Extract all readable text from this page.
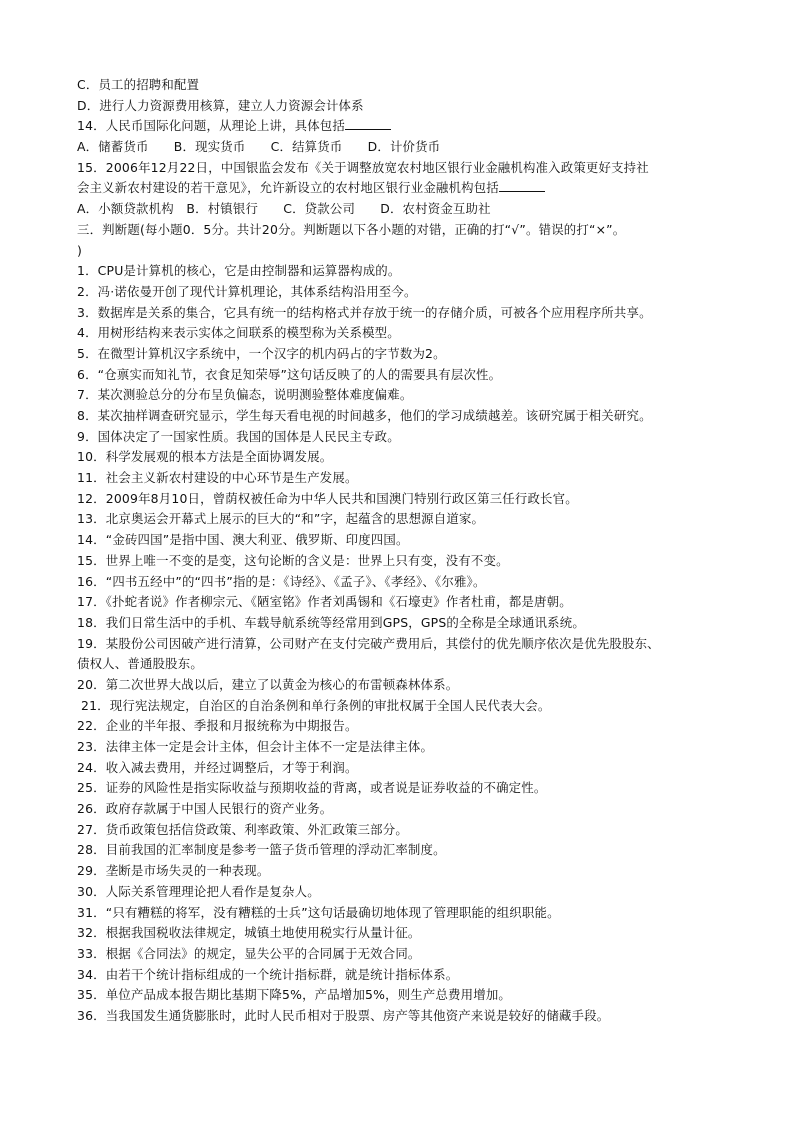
C．员工的招聘和配置
D．进行人力资源费用核算，建立人力资源会计体系
14．人民币国际化问题，从理论上讲，具体包括
A．储蓄货币　　B．现实货币　　C．结算货币　　D．计价货币
15．2006年12月22日，中国银监会发布《关于调整放宽农村地区银行业金融机构准入政策更好支持社
会主义新农村建设的若干意见》，允许新设立的农村地区银行业金融机构包括
A．小额贷款机构　B．村镇银行　　C．贷款公司　　D．农村资金互助社
三．判断题(每小题0．5分。共计20分。判断题以下各小题的对错，正确的打“√”。错误的打“×”。
)
1．CPU是计算机的核心，它是由控制器和运算器构成的。
2．冯·诺依曼开创了现代计算机理论，其体系结构沿用至今。
3．数据库是关系的集合，它具有统一的结构格式并存放于统一的存储介质，可被各个应用程序所共享。
4．用树形结构来表示实体之间联系的模型称为关系模型。
5．在微型计算机汉字系统中，一个汉字的机内码占的字节数为2。
6．“仓禀实而知礼节，衣食足知荣辱”这句话反映了的人的需要具有层次性。
7．某次测验总分的分布呈负偏态，说明测验整体难度偏难。
8．某次抽样调查研究显示，学生每天看电视的时间越多，他们的学习成绩越差。该研究属于相关研究。
9．国体决定了一国家性质。我国的国体是人民民主专政。
10．科学发展观的根本方法是全面协调发展。
11．社会主义新农村建设的中心环节是生产发展。
12．2009年8月10日，曾荫权被任命为中华人民共和国澳门特别行政区第三任行政长官。
13．北京奥运会开幕式上展示的巨大的“和”字，起蕴含的思想源自道家。
14．“金砖四国”是指中国、澳大利亚、俄罗斯、印度四国。
15．世界上唯一不变的是变，这句论断的含义是：世界上只有变，没有不变。
16．“四书五经中”的“四书”指的是：《诗经》、《孟子》、《孝经》、《尔雅》。
17．《扑蛇者说》作者柳宗元、《陋室铭》作者刘禹锡和《石壕吏》作者杜甫，都是唐朝。
18．我们日常生活中的手机、车载导航系统等经常用到GPS，GPS的全称是全球通讯系统。
19．某股份公司因破产进行清算，公司财产在支付完破产费用后，其偿付的优先顺序依次是优先股股东、
债权人、普通股股东。
20．第二次世界大战以后，建立了以黄金为核心的布雷顿森林体系。
21．现行宪法规定，自治区的自治条例和单行条例的审批权属于全国人民代表大会。
22．企业的半年报、季报和月报统称为中期报告。
23．法律主体一定是会计主体，但会计主体不一定是法律主体。
24．收入减去费用，并经过调整后，才等于利润。
25．证券的风险性是指实际收益与预期收益的背离，或者说是证券收益的不确定性。
26．政府存款属于中国人民银行的资产业务。
27．货币政策包括信贷政策、利率政策、外汇政策三部分。
28．目前我国的汇率制度是参考一篮子货币管理的浮动汇率制度。
29．垄断是市场失灵的一种表现。
30．人际关系管理理论把人看作是复杂人。
31．“只有糟糕的将军，没有糟糕的士兵”这句话最确切地体现了管理职能的组织职能。
32．根据我国税收法律规定，城镇土地使用税实行从量计征。
33．根据《合同法》的规定，显失公平的合同属于无效合同。
34．由若干个统计指标组成的一个统计指标群，就是统计指标体系。
35．单位产品成本报告期比基期下降5%，产品增加5%，则生产总费用增加。
36．当我国发生通货膨胀时，此时人民币相对于股票、房产等其他资产来说是较好的储藏手段。
